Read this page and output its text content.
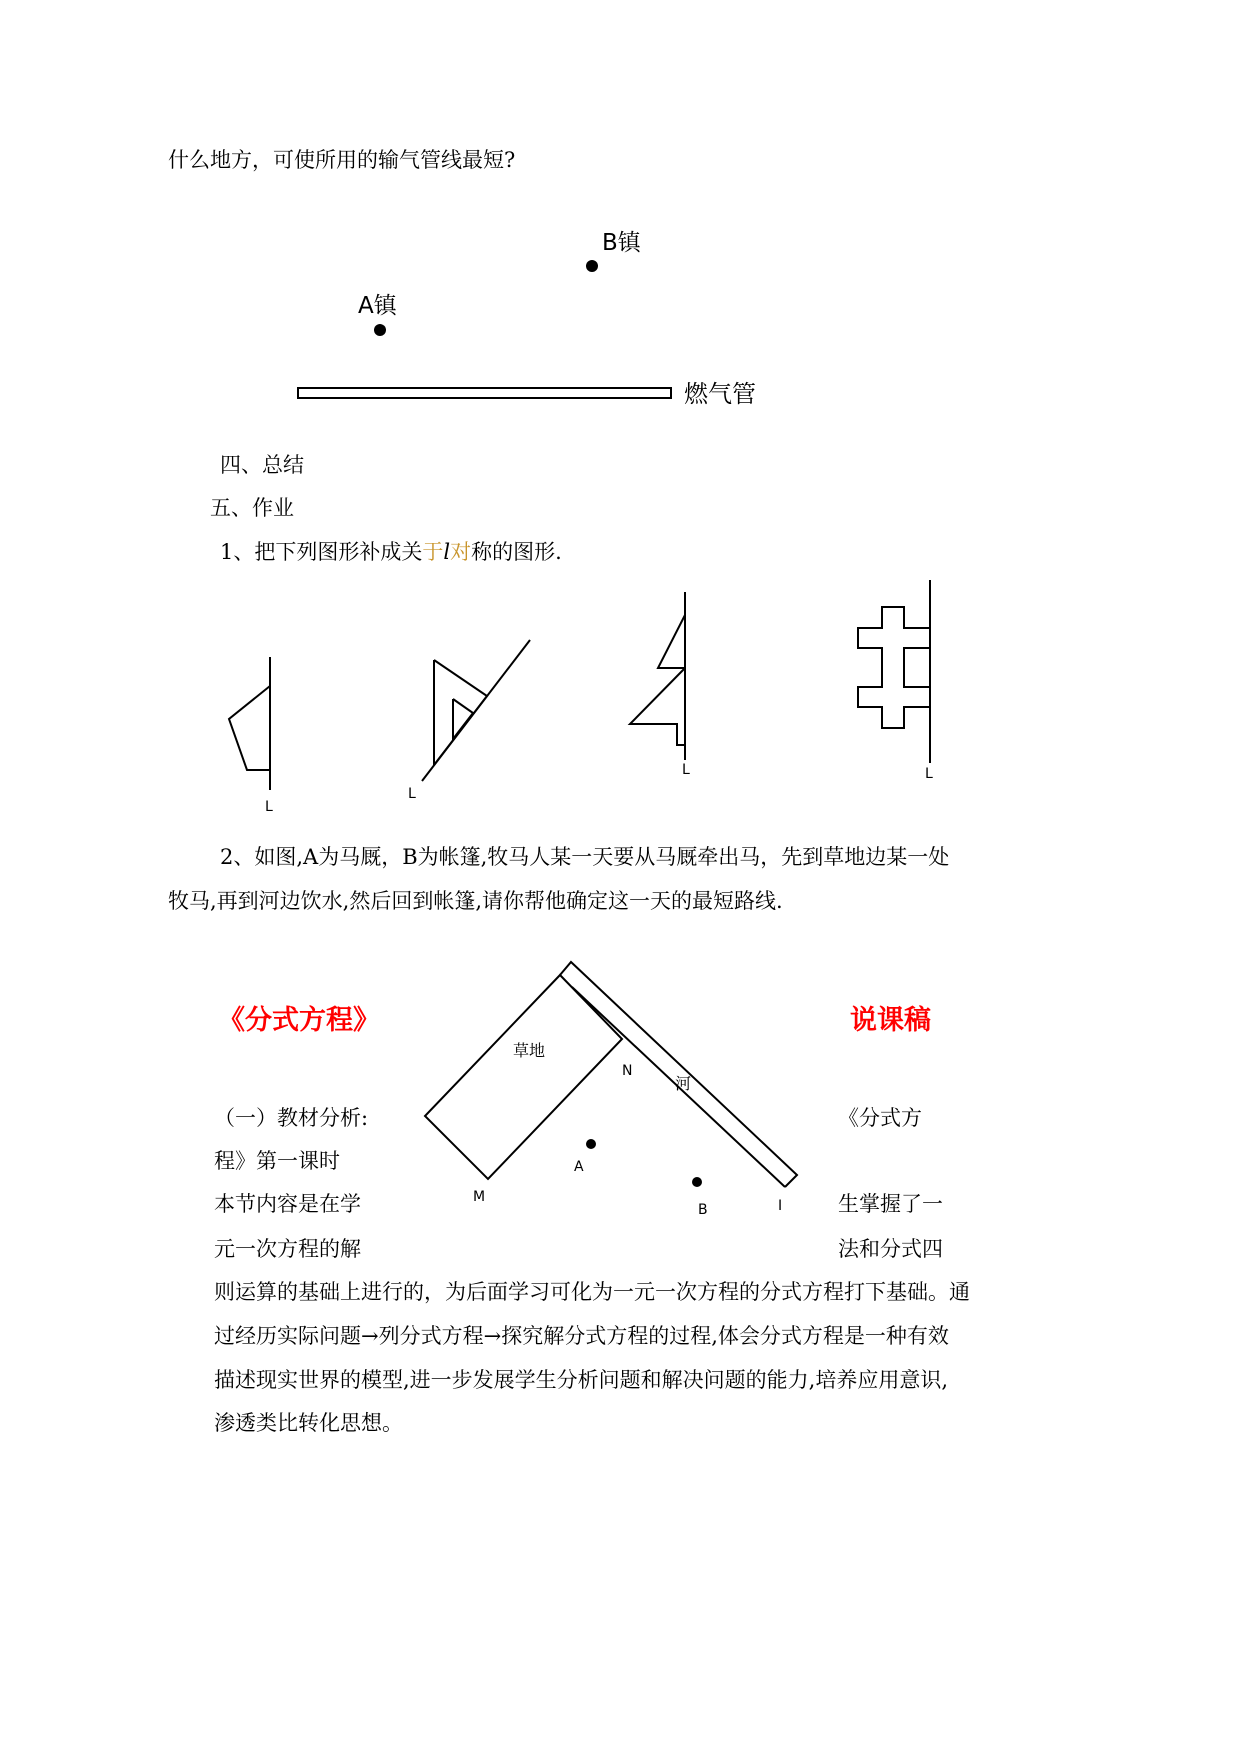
什么地方，可使所用的输气管线最短?
四、总结
五、作业
1、把下列图形补成关于l对称的图形.
2、如图,A为马厩，B为帐篷,牧马人某一天要从马厩牵出马，先到草地边某一处
牧马,再到河边饮水,然后回到帐篷,请你帮他确定这一天的最短路线.
《分式方程》	说课稿
（一）教材分析:	《分式方
程》第一课时
本节内容是在学	生掌握了一
元一次方程的解	法和分式四
则运算的基础上进行的，为后面学习可化为一元一次方程的分式方程打下基础。通
过经历实际问题→列分式方程→探究解分式方程的过程,体会分式方程是一种有效
描述现实世界的模型,进一步发展学生分析问题和解决问题的能力,培养应用意识,
渗透类比转化思想。
B镇
A镇
燃气管
L
L
L	L
草地
河
N
A
B
M
I
